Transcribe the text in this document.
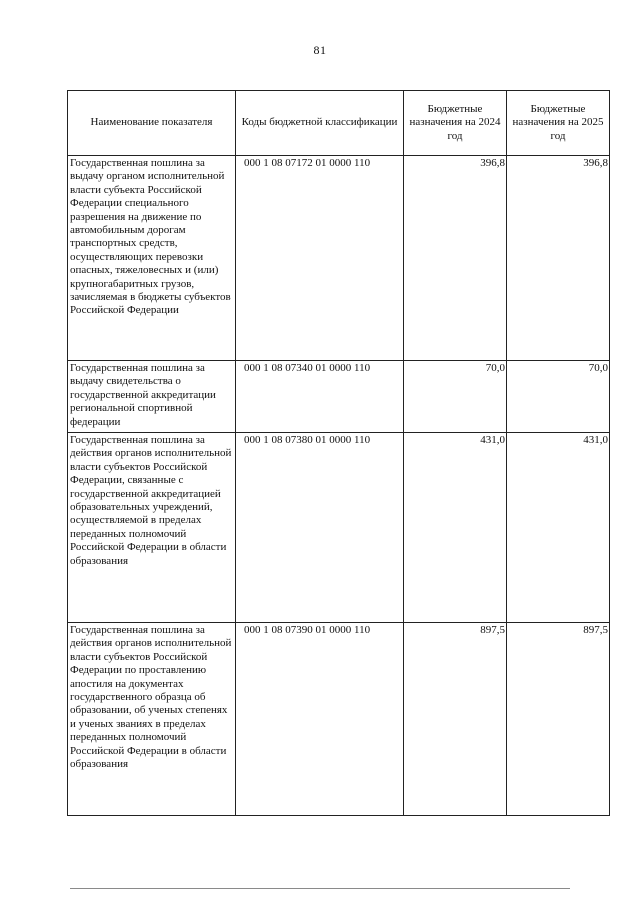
81
Наименование показателя	Коды бюджетной классификации	Бюджетные назначения на 2024 год	Бюджетные назначения на 2025 год
Государственная пошлина за выдачу органом исполнительной власти субъекта Российской Федерации специального разрешения на движение по автомобильным дорогам транспортных средств, осуществляющих перевозки опасных, тяжеловесных и (или) крупногабаритных грузов, зачисляемая в бюджеты субъектов Российской Федерации	000 1 08 07172 01 0000 110	396,8	396,8
Государственная пошлина за выдачу свидетельства о государственной аккредитации региональной спортивной федерации	000 1 08 07340 01 0000 110	70,0	70,0
Государственная пошлина за действия органов исполнительной власти субъектов Российской Федерации, связанные с государственной аккредитацией образовательных учреждений, осуществляемой в пределах переданных полномочий Российской Федерации в области образования	000 1 08 07380 01 0000 110	431,0	431,0
Государственная пошлина за действия органов исполнительной власти субъектов Российской Федерации по проставлению апостиля на документах государственного образца об образовании, об ученых степенях и ученых званиях в пределах переданных полномочий Российской Федерации в области образования	000 1 08 07390 01 0000 110	897,5	897,5
